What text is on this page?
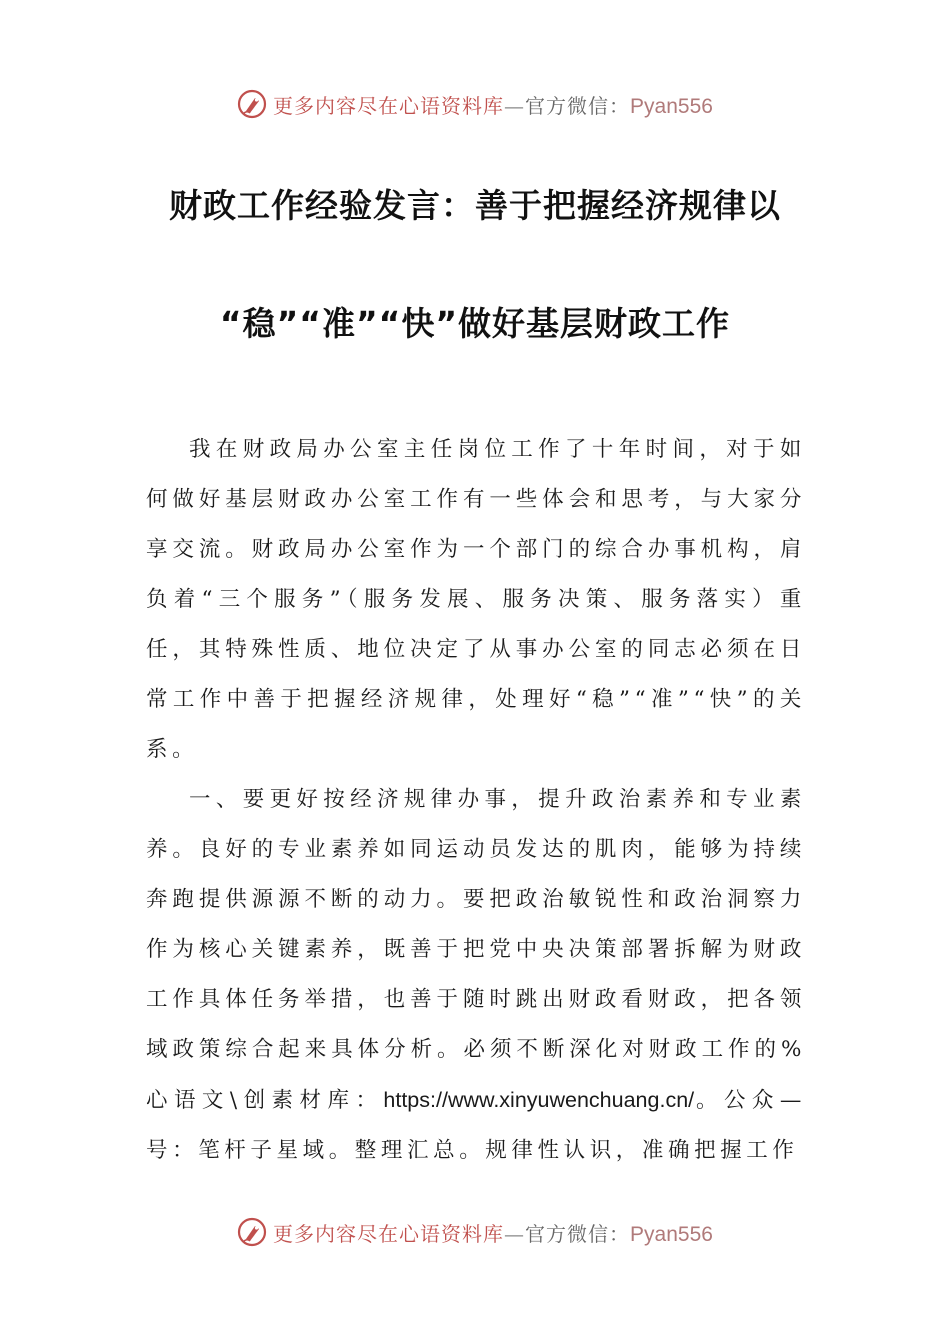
更多内容尽在心语资料库—官方微信：Pyan556
财政工作经验发言：善于把握经济规律以
“稳”“准”“快”做好基层财政工作

我在财政局办公室主任岗位工作了十年时间，对于如何做好基层财政办公室工作有一些体会和思考，与大家分享交流。财政局办公室作为一个部门的综合办事机构，肩负着“三个服务”（服务发展、服务决策、服务落实）重任，其特殊性质、地位决定了从事办公室的同志必须在日常工作中善于把握经济规律，处理好“稳”“准”“快”的关系。

一、要更好按经济规律办事，提升政治素养和专业素养。良好的专业素养如同运动员发达的肌肉，能够为持续奔跑提供源源不断的动力。要把政治敏锐性和政治洞察力作为核心关键素养，既善于把党中央决策部署拆解为财政工作具体任务举措，也善于随时跳出财政看财政，把各领域政策综合起来具体分析。必须不断深化对财政工作的%心语文\创素材库：https://www.xinyuwenchuang.cn/。公众—号：笔杆子星域。整理汇总。规律性认识，准确把握工作

更多内容尽在心语资料库—官方微信：Pyan556
